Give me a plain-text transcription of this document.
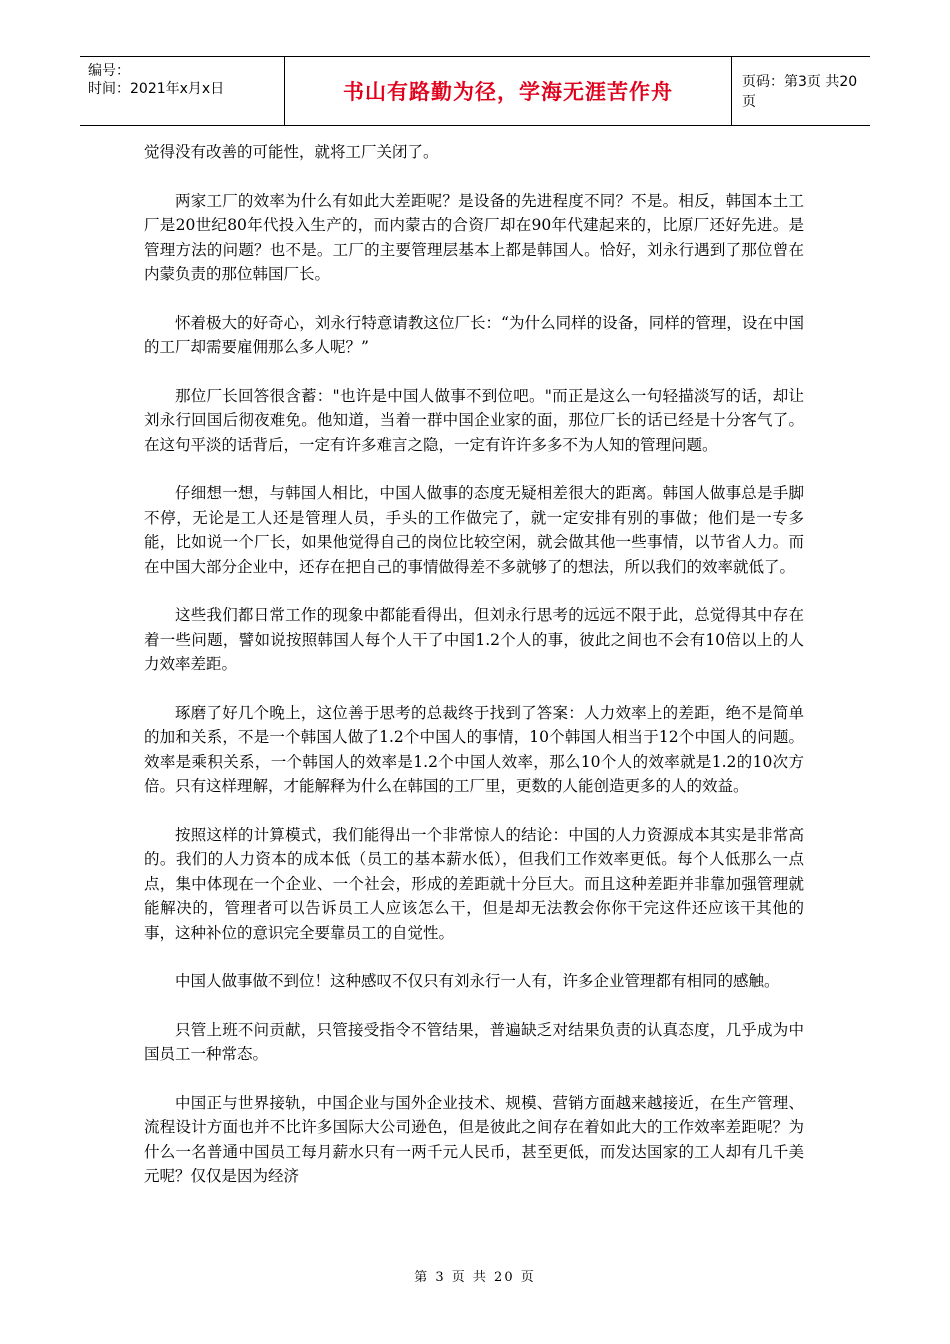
编号：
时间：2021年x月x日	书山有路勤为径，学海无涯苦作舟	页码：第3页 共20页

觉得没有改善的可能性，就将工厂关闭了。

两家工厂的效率为什么有如此大差距呢？是设备的先进程度不同？不是。相反，韩国本土工厂是20世纪80年代投入生产的，而内蒙古的合资厂却在90年代建起来的，比原厂还好先进。是管理方法的问题？也不是。工厂的主要管理层基本上都是韩国人。恰好，刘永行遇到了那位曾在内蒙负责的那位韩国厂长。

怀着极大的好奇心，刘永行特意请教这位厂长：“为什么同样的设备，同样的管理，设在中国的工厂却需要雇佣那么多人呢？”

那位厂长回答很含蓄："也许是中国人做事不到位吧。"而正是这么一句轻描淡写的话，却让刘永行回国后彻夜难免。他知道，当着一群中国企业家的面，那位厂长的话已经是十分客气了。在这句平淡的话背后，一定有许多难言之隐，一定有许许多多不为人知的管理问题。

仔细想一想，与韩国人相比，中国人做事的态度无疑相差很大的距离。韩国人做事总是手脚不停，无论是工人还是管理人员，手头的工作做完了，就一定安排有别的事做；他们是一专多能，比如说一个厂长，如果他觉得自己的岗位比较空闲，就会做其他一些事情，以节省人力。而在中国大部分企业中，还存在把自己的事情做得差不多就够了的想法，所以我们的效率就低了。

这些我们都日常工作的现象中都能看得出，但刘永行思考的远远不限于此，总觉得其中存在着一些问题，譬如说按照韩国人每个人干了中国1.2个人的事，彼此之间也不会有10倍以上的人力效率差距。

琢磨了好几个晚上，这位善于思考的总裁终于找到了答案：人力效率上的差距，绝不是简单的加和关系，不是一个韩国人做了1.2个中国人的事情，10个韩国人相当于12个中国人的问题。效率是乘积关系，一个韩国人的效率是1.2个中国人效率，那么10个人的效率就是1.2的10次方倍。只有这样理解，才能解释为什么在韩国的工厂里，更数的人能创造更多的人的效益。

按照这样的计算模式，我们能得出一个非常惊人的结论：中国的人力资源成本其实是非常高的。我们的人力资本的成本低（员工的基本薪水低），但我们工作效率更低。每个人低那么一点点，集中体现在一个企业、一个社会，形成的差距就十分巨大。而且这种差距并非靠加强管理就能解决的，管理者可以告诉员工人应该怎么干，但是却无法教会你你干完这件还应该干其他的事，这种补位的意识完全要靠员工的自觉性。

中国人做事做不到位！这种感叹不仅只有刘永行一人有，许多企业管理都有相同的感触。

只管上班不问贡献，只管接受指令不管结果，普遍缺乏对结果负责的认真态度，几乎成为中国员工一种常态。

中国正与世界接轨，中国企业与国外企业技术、规模、营销方面越来越接近，在生产管理、流程设计方面也并不比许多国际大公司逊色，但是彼此之间存在着如此大的工作效率差距呢？为什么一名普通中国员工每月薪水只有一两千元人民币，甚至更低，而发达国家的工人却有几千美元呢？仅仅是因为经济

第 3 页 共 20 页
